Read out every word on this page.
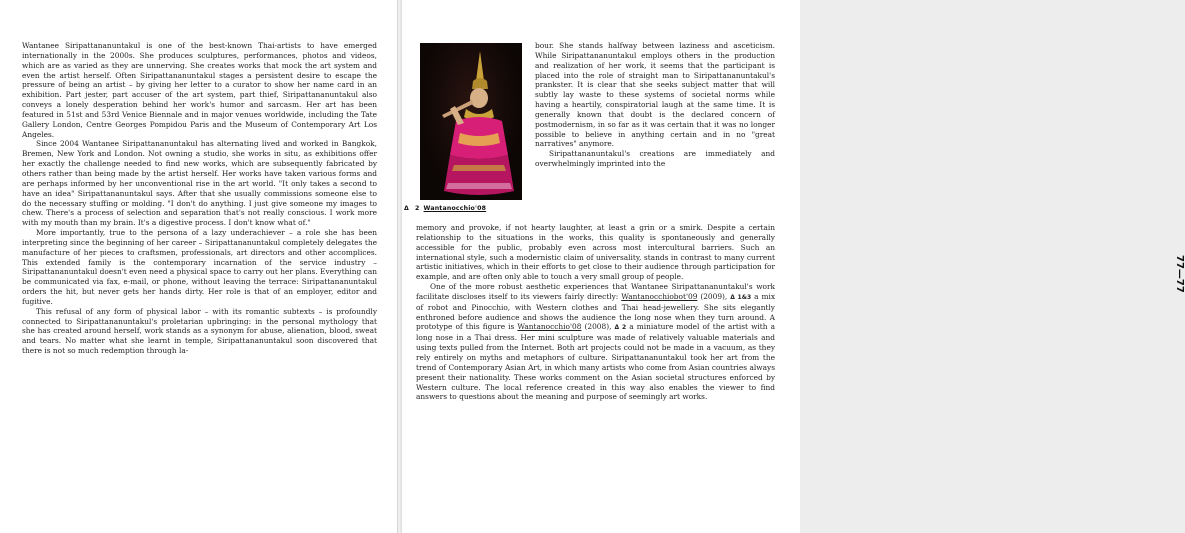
Wantanee Siripattananuntakul is one of the best-known Thai-artists to have emerged internationally in the 2000s. She produces sculptures, performances, photos and videos, which are as varied as they are unnerving. She creates works that mock the art system and even the artist herself. Often Siripattananuntakul stages a persistent desire to escape the pressure of being an artist – by giving her letter to a curator to show her name card in an exhibition. Part jester, part accuser of the art system, part thief, Siripattananuntakul also conveys a lonely desperation behind her work's humor and sarcasm. Her art has been featured in 51st and 53rd Venice Biennale and in major venues worldwide, including the Tate Gallery London, Centre Georges Pompidou Paris and the Museum of Contemporary Art Los Angeles.

Since 2004 Wantanee Siripattananuntakul has alternating lived and worked in Bangkok, Bremen, New York and London. Not owning a studio, she works in situ, as exhibitions offer her exactly the challenge needed to find new works, which are subsequently fabricated by others rather than being made by the artist herself. Her works have taken various forms and are perhaps informed by her unconventional rise in the art world. "It only takes a second to have an idea" Siripattananuntakul says. After that she usually commissions someone else to do the necessary stuffing or molding. "I don't do anything. I just give someone my images to chew. There's a process of selection and separation that's not really conscious. I work more with my mouth than my brain. It's a digestive process. I don't know what of."

More importantly, true to the persona of a lazy underachiever – a role she has been interpreting since the beginning of her career – Siripattananuntakul completely delegates the manufacture of her pieces to craftsmen, professionals, art directors and other accomplices. This extended family is the contemporary incarnation of the service industry – Siripattananuntakul doesn't even need a physical space to carry out her plans. Everything can be communicated via fax, e-mail, or phone, without leaving the terrace: Siripattananuntakul orders the hit, but never gets her hands dirty. Her role is that of an employer, editor and fugitive.

This refusal of any form of physical labor – with its romantic subtexts – is profoundly connected to Siripattananuntakul's proletarian upbringing: in the personal mythology that she has created around herself, work stands as a synonym for abuse, alienation, blood, sweat and tears. No matter what she learnt in temple, Siripattananuntakul soon discovered that there is not so much redemption through la-

bour. She stands halfway between laziness and asceticism. While Siripattananuntakul employs others in the production and realization of her work, it seems that the participant is placed into the role of straight man to Siripattananuntakul's prankster. It is clear that she seeks subject matter that will subtly lay waste to these systems of societal norms while having a heartily, conspiratorial laugh at the same time. It is generally known that doubt is the declared concern of postmodernism, in so far as it was certain that it was no longer possible to believe in anything certain and in no "great narratives" anymore.

Siripattananuntakul's creations are immediately and overwhelmingly imprinted into the

memory and provoke, if not hearty laughter, at least a grin or a smirk. Despite a certain relationship to the situations in the works, this quality is spontaneously and generally accessible for the public, probably even across most intercultural barriers. Such an international style, such a modernistic claim of universality, stands in contrast to many current artistic initiatives, which in their efforts to get close to their audience through participation for example, and are often only able to touch a very small group of people.

One of the more robust aesthetic experiences that Wantanee Siripattananuntakul's work facilitate discloses itself to its viewers fairly directly: Wantanocchiobot'09 (2009), Δ 1&3 a mix of robot and Pinocchio, with Western clothes and Thai head-jewellery. She sits elegantly enthroned before audience and shows the audience the long nose when they turn around. A prototype of this figure is Wantanocchio'08 (2008), Δ 2 a miniature model of the artist with a long nose in a Thai dress. Her mini sculpture was made of relatively valuable materials and using texts pulled from the Internet. Both art projects could not be made in a vacuum, as they rely entirely on myths and metaphors of culture. Siripattananuntakul took her art from the trend of Contemporary Asian Art, in which many artists who come from Asian countries always present their nationality. These works comment on the Asian societal structures enforced by Western culture. The local reference created in this way also enables the viewer to find answers to questions about the meaning and purpose of seemingly art works.

77—77
Δ 2 Wantanocchio'08
